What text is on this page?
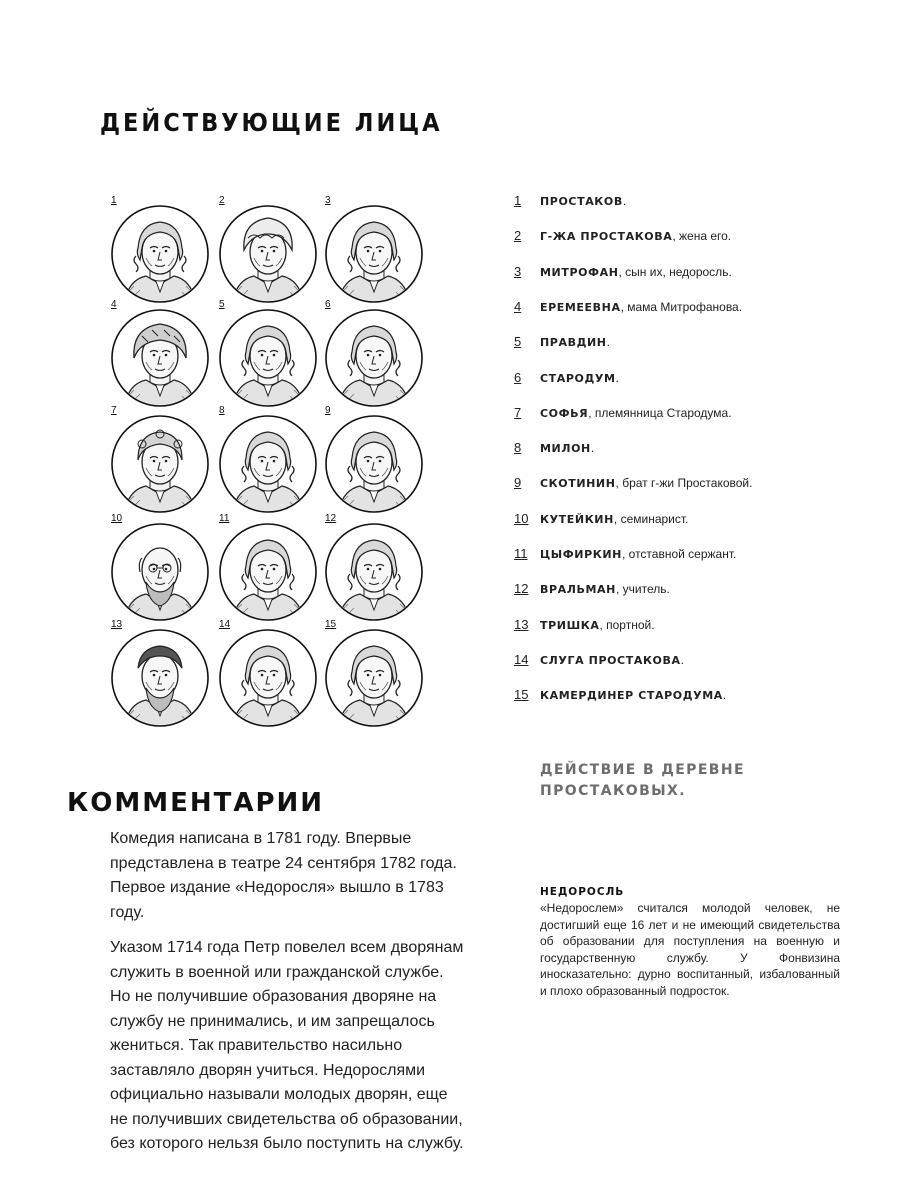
ДЕЙСТВУЮЩИЕ ЛИЦА
1	2	3
4	5	6
7	8	9
10	11	12
13	14	15
1 ПРОСТАКОВ.
2 Г-ЖА ПРОСТАКОВА, жена его.
3 МИТРОФАН, сын их, недоросль.
4 ЕРЕМЕЕВНА, мама Митрофанова.
5 ПРАВДИН.
6 СТАРОДУМ.
7 СОФЬЯ, племянница Стародума.
8 МИЛОН.
9 СКОТИНИН, брат г-жи Простаковой.
10 КУТЕЙКИН, семинарист.
11 ЦЫФИРКИН, отставной сержант.
12 ВРАЛЬМАН, учитель.
13 ТРИШКА, портной.
14 СЛУГА ПРОСТАКОВА.
15 КАМЕРДИНЕР СТАРОДУМА.

ДЕЙСТВИЕ В ДЕРЕВНЕ ПРОСТАКОВЫХ.

КОММЕНТАРИИ

Комедия написана в 1781 году. Впервые представлена в театре 24 сентября 1782 года. Первое издание «Недоросля» вышло в 1783 году.

Указом 1714 года Петр повелел всем дворянам служить в военной или гражданской службе. Но не получившие образования дворяне на службу не принимались, и им запрещалось жениться. Так правительство насильно заставляло дворян учиться. Недорослями официально называли молодых дворян, еще не получивших свидетельства об образовании, без которого нельзя было поступить на службу.

НЕДОРОСЛЬ
«Недорослем» считался молодой человек, не достигший еще 16 лет и не имеющий свидетельства об образовании для поступления на военную и государственную службу. У Фонвизина иносказательно: дурно воспитанный, избалованный и плохо образованный подросток.
